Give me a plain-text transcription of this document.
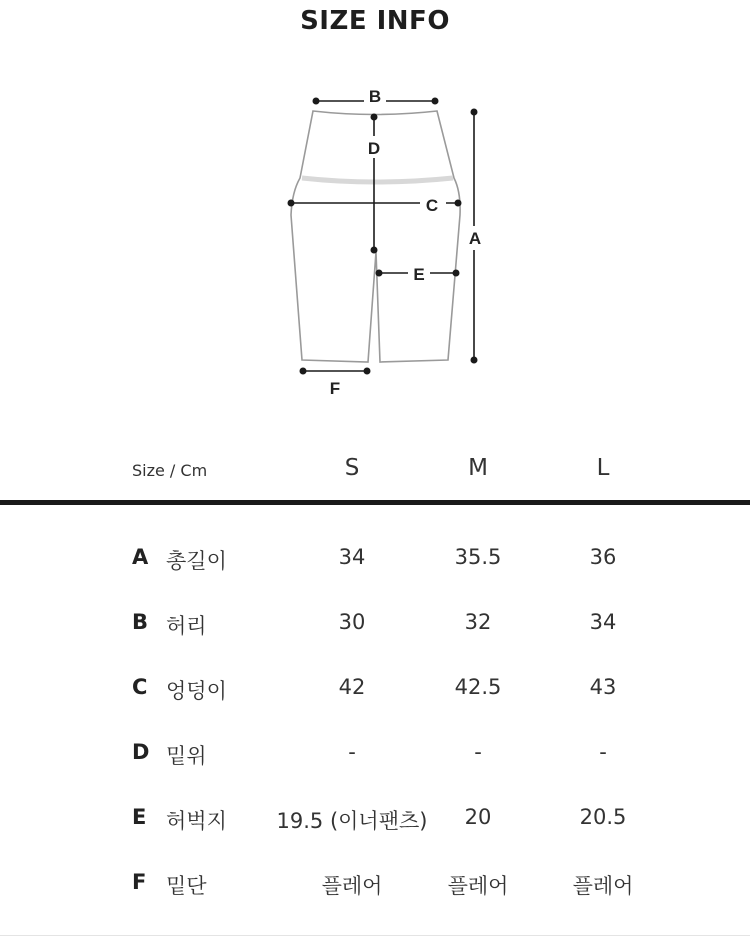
SIZE INFO
B
D
C
A
E
F
Size / Cm	S	M	L
A 총길이	34	35.5	36
B 허리	30	32	34
C 엉덩이	42	42.5	43
D 밑위	-	-	-
E 허벅지	19.5 (이너팬츠)	20	20.5
F 밑단	플레어	플레어	플레어
